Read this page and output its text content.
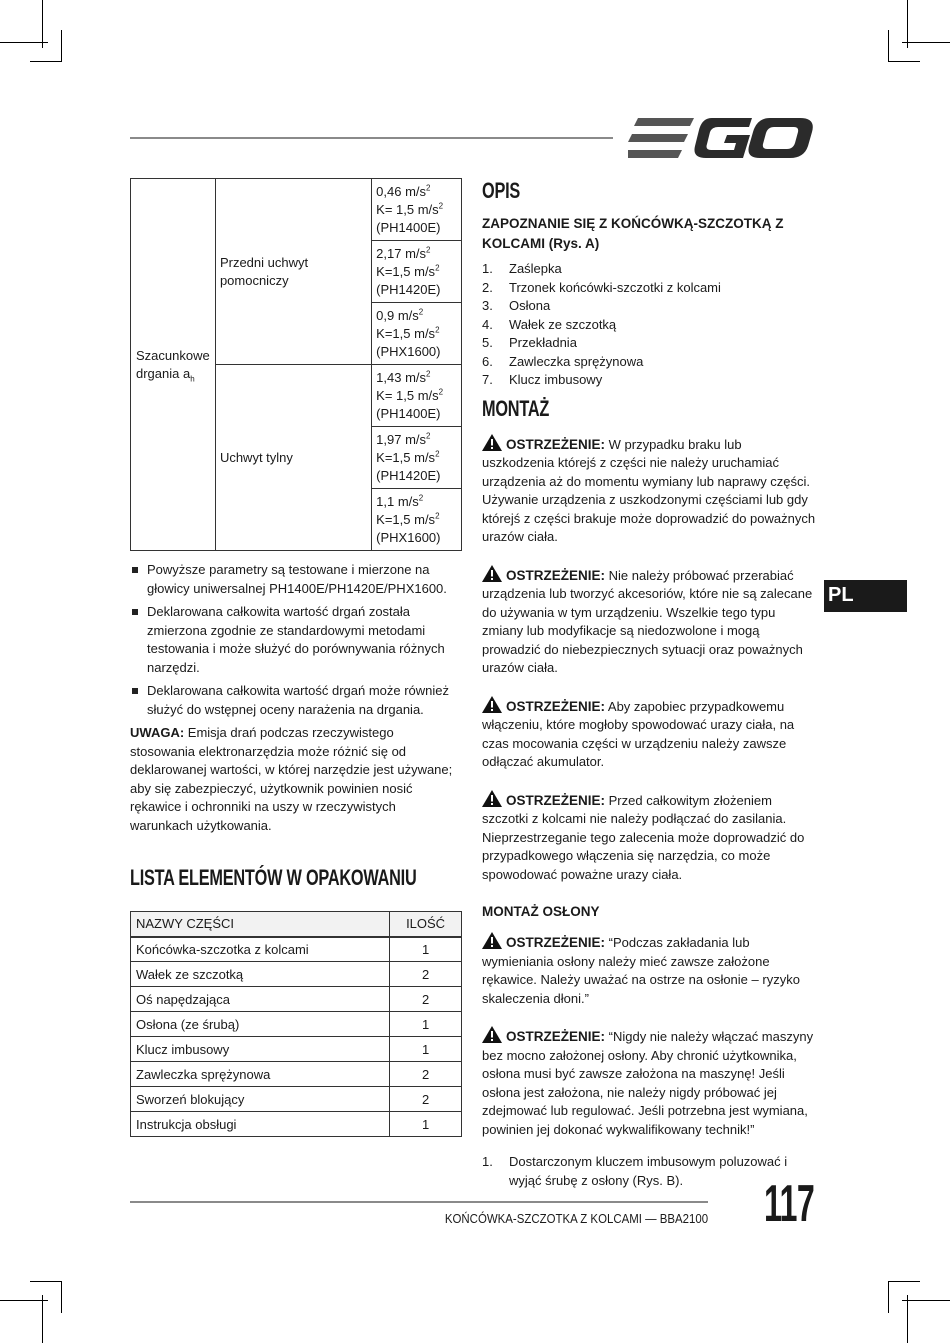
Szacunkowe drgania $a_h$	Przedni uchwyt
pomocniczy	0,46 $m/s^2$
K= 1,5 $m/s^2$
(PH1400E)
		2,17 $m/s^2$
K=1,5 $m/s^2$
(PH1420E)
		0,9 $m/s^2$
K=1,5 $m/s^2$
(PHX1600)
	Uchwyt tylny	1,43 $m/s^2$
K= 1,5 $m/s^2$
(PH1400E)
		1,97 $m/s^2$
K=1,5 $m/s^2$
(PH1420E)
		1,1 $m/s^2$
K=1,5 $m/s^2$
(PHX1600)
Powyższe parametry są testowane i mierzone na głowicy uniwersalnej PH1400E/PH1420E/PHX1600.
Deklarowana całkowita wartość drgań została zmierzona zgodnie ze standardowymi metodami testowania i może służyć do porównywania różnych narzędzi.
Deklarowana całkowita wartość drgań może również służyć do wstępnej oceny narażenia na drgania.

UWAGA: Emisja drań podczas rzeczywistego stosowania elektronarzędzia może różnić się od deklarowanej wartości, w której narzędzie jest używane; aby się zabezpieczyć, użytkownik powinien nosić rękawice i ochronniki na uszy w rzeczywistych warunkach użytkowania.

LISTA ELEMENTÓW W OPAKOWANIU
NAZWY CZĘŚCI	ILOŚĆ
Końcówka-szczotka z kolcami	1
Wałek ze szczotką	2
Oś napędzająca	2
Osłona (ze śrubą)	1
Klucz imbusowy	1
Zawleczka sprężynowa	2
Sworzeń blokujący	2
Instrukcja obsługi	1
OPIS
ZAPOZNANIE SIĘ Z KOŃCÓWKĄ-SZCZOTKĄ Z KOLCAMI (Rys. A)
1. Zaślepka
2. Trzonek końcówki-szczotki z kolcami
3. Osłona
4. Wałek ze szczotką
5. Przekładnia
6. Zawleczka sprężynowa
7. Klucz imbusowy
MONTAŻ

OSTRZEŻENIE: W przypadku braku lub uszkodzenia którejś z części nie należy uruchamiać urządzenia aż do momentu wymiany lub naprawy części. Używanie urządzenia z uszkodzonymi częściami lub gdy którejś z części brakuje może doprowadzić do poważnych urazów ciała.

OSTRZEŻENIE: Nie należy próbować przerabiać urządzenia lub tworzyć akcesoriów, które nie są zalecane do używania w tym urządzeniu. Wszelkie tego typu zmiany lub modyfikacje są niedozwolone i mogą prowadzić do niebezpiecznych sytuacji oraz poważnych urazów ciała.

OSTRZEŻENIE: Aby zapobiec przypadkowemu włączeniu, które mogłoby spowodować urazy ciała, na czas mocowania części w urządzeniu należy zawsze odłączać akumulator.

OSTRZEŻENIE: Przed całkowitym złożeniem szczotki z kolcami nie należy podłączać do zasilania. Nieprzestrzeganie tego zalecenia może doprowadzić do przypadkowego włączenia się narzędzia, co może spowodować poważne urazy ciała.

MONTAŻ OSŁONY

OSTRZEŻENIE: “Podczas zakładania lub wymieniania osłony należy mieć zawsze założone rękawice. Należy uważać na ostrze na osłonie – ryzyko skaleczenia dłoni.”

OSTRZEŻENIE: “Nigdy nie należy włączać maszyny bez mocno założonej osłony. Aby chronić użytkownika, osłona musi być zawsze założona na maszynę! Jeśli osłona jest założona, nie należy nigdy próbować jej zdejmować lub regulować. Jeśli potrzebna jest wymiana, powinien jej dokonać wykwalifikowany technik!”

1. Dostarczonym kluczem imbusowym poluzować i wyjąć śrubę z osłony (Rys. B).
PL
KOŃCÓWKA-SZCZOTKA Z KOLCAMI — BBA2100 117
